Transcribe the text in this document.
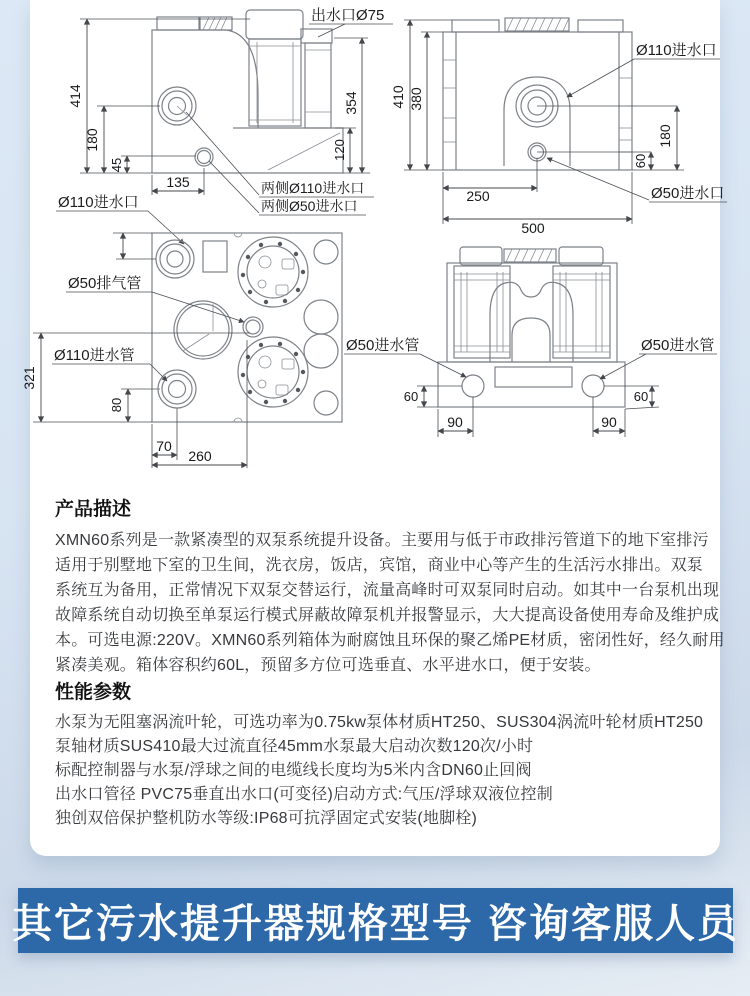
414
180
45
135
354
120
出水口Ø75
两侧Ø110进水口
两侧Ø50进水口
Ø110进水口
410 380
180
60
250
500
Ø110进水口
Ø50进水口
321
80
70
260
Ø50排气管
Ø110进水管
60
90
60
90
Ø50进水管	Ø50进水管
产品描述
XMN60系列是一款紧凑型的双泵系统提升设备。主要用与低于市政排污管道下的地下室排污
适用于别墅地下室的卫生间，洗衣房，饭店，宾馆，商业中心等产生的生活污水排出。双泵
系统互为备用，正常情况下双泵交替运行，流量高峰时可双泵同时启动。如其中一台泵机出现
故障系统自动切换至单泵运行模式屏蔽故障泵机并报警显示，大大提高设备使用寿命及维护成
本。可选电源:220V。XMN60系列箱体为耐腐蚀且环保的聚乙烯PE材质，密闭性好，经久耐用
紧凑美观。箱体容积约60L，预留多方位可选垂直、水平进水口，便于安装。
性能参数
水泵为无阻塞涡流叶轮，可选功率为0.75kw泵体材质HT250、SUS304涡流叶轮材质HT250
泵轴材质SUS410最大过流直径45mm水泵最大启动次数120次/小时
标配控制器与水泵/浮球之间的电缆线长度均为5米内含DN60止回阀
出水口管径 PVC75垂直出水口(可变径)启动方式:气压/浮球双液位控制
独创双倍保护整机防水等级:IP68可抗浮固定式安装(地脚栓)
其它污水提升器规格型号 咨询客服人员
